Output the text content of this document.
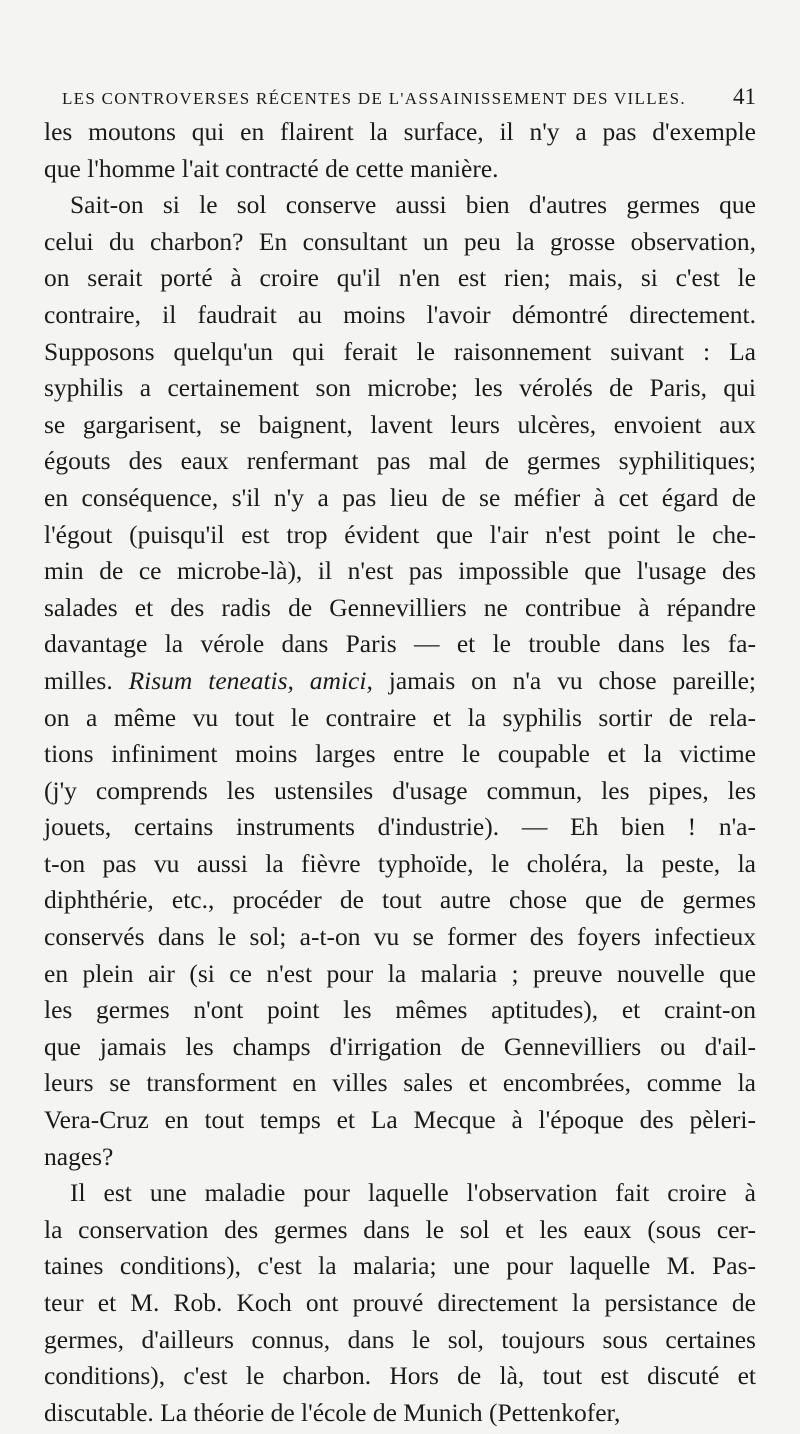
LES CONTROVERSES RÉCENTES DE L'ASSAINISSEMENT DES VILLES. 41

les moutons qui en flairent la surface, il n'y a pas d'exemple
que l'homme l'ait contracté de cette manière.

Sait-on si le sol conserve aussi bien d'autres germes que
celui du charbon? En consultant un peu la grosse observation,
on serait porté à croire qu'il n'en est rien; mais, si c'est le
contraire, il faudrait au moins l'avoir démontré directement.
Supposons quelqu'un qui ferait le raisonnement suivant : La
syphilis a certainement son microbe; les vérolés de Paris, qui
se gargarisent, se baignent, lavent leurs ulcères, envoient aux
égouts des eaux renfermant pas mal de germes syphilitiques;
en conséquence, s'il n'y a pas lieu de se méfier à cet égard de
l'égout (puisqu'il est trop évident que l'air n'est point le che-
min de ce microbe-là), il n'est pas impossible que l'usage des
salades et des radis de Gennevilliers ne contribue à répandre
davantage la vérole dans Paris — et le trouble dans les fa-
milles. Risum teneatis, amici, jamais on n'a vu chose pareille;
on a même vu tout le contraire et la syphilis sortir de rela-
tions infiniment moins larges entre le coupable et la victime
(j'y comprends les ustensiles d'usage commun, les pipes, les
jouets, certains instruments d'industrie). — Eh bien ! n'a-
t-on pas vu aussi la fièvre typhoïde, le choléra, la peste, la
diphthérie, etc., procéder de tout autre chose que de germes
conservés dans le sol; a-t-on vu se former des foyers infectieux
en plein air (si ce n'est pour la malaria ; preuve nouvelle que
les germes n'ont point les mêmes aptitudes), et craint-on
que jamais les champs d'irrigation de Gennevilliers ou d'ail-
leurs se transforment en villes sales et encombrées, comme la
Vera-Cruz en tout temps et La Mecque à l'époque des pèleri-
nages?

Il est une maladie pour laquelle l'observation fait croire à
la conservation des germes dans le sol et les eaux (sous cer-
taines conditions), c'est la malaria; une pour laquelle M. Pas-
teur et M. Rob. Koch ont prouvé directement la persistance de
germes, d'ailleurs connus, dans le sol, toujours sous certaines
conditions), c'est le charbon. Hors de là, tout est discuté et
discutable. La théorie de l'école de Munich (Pettenkofer,
